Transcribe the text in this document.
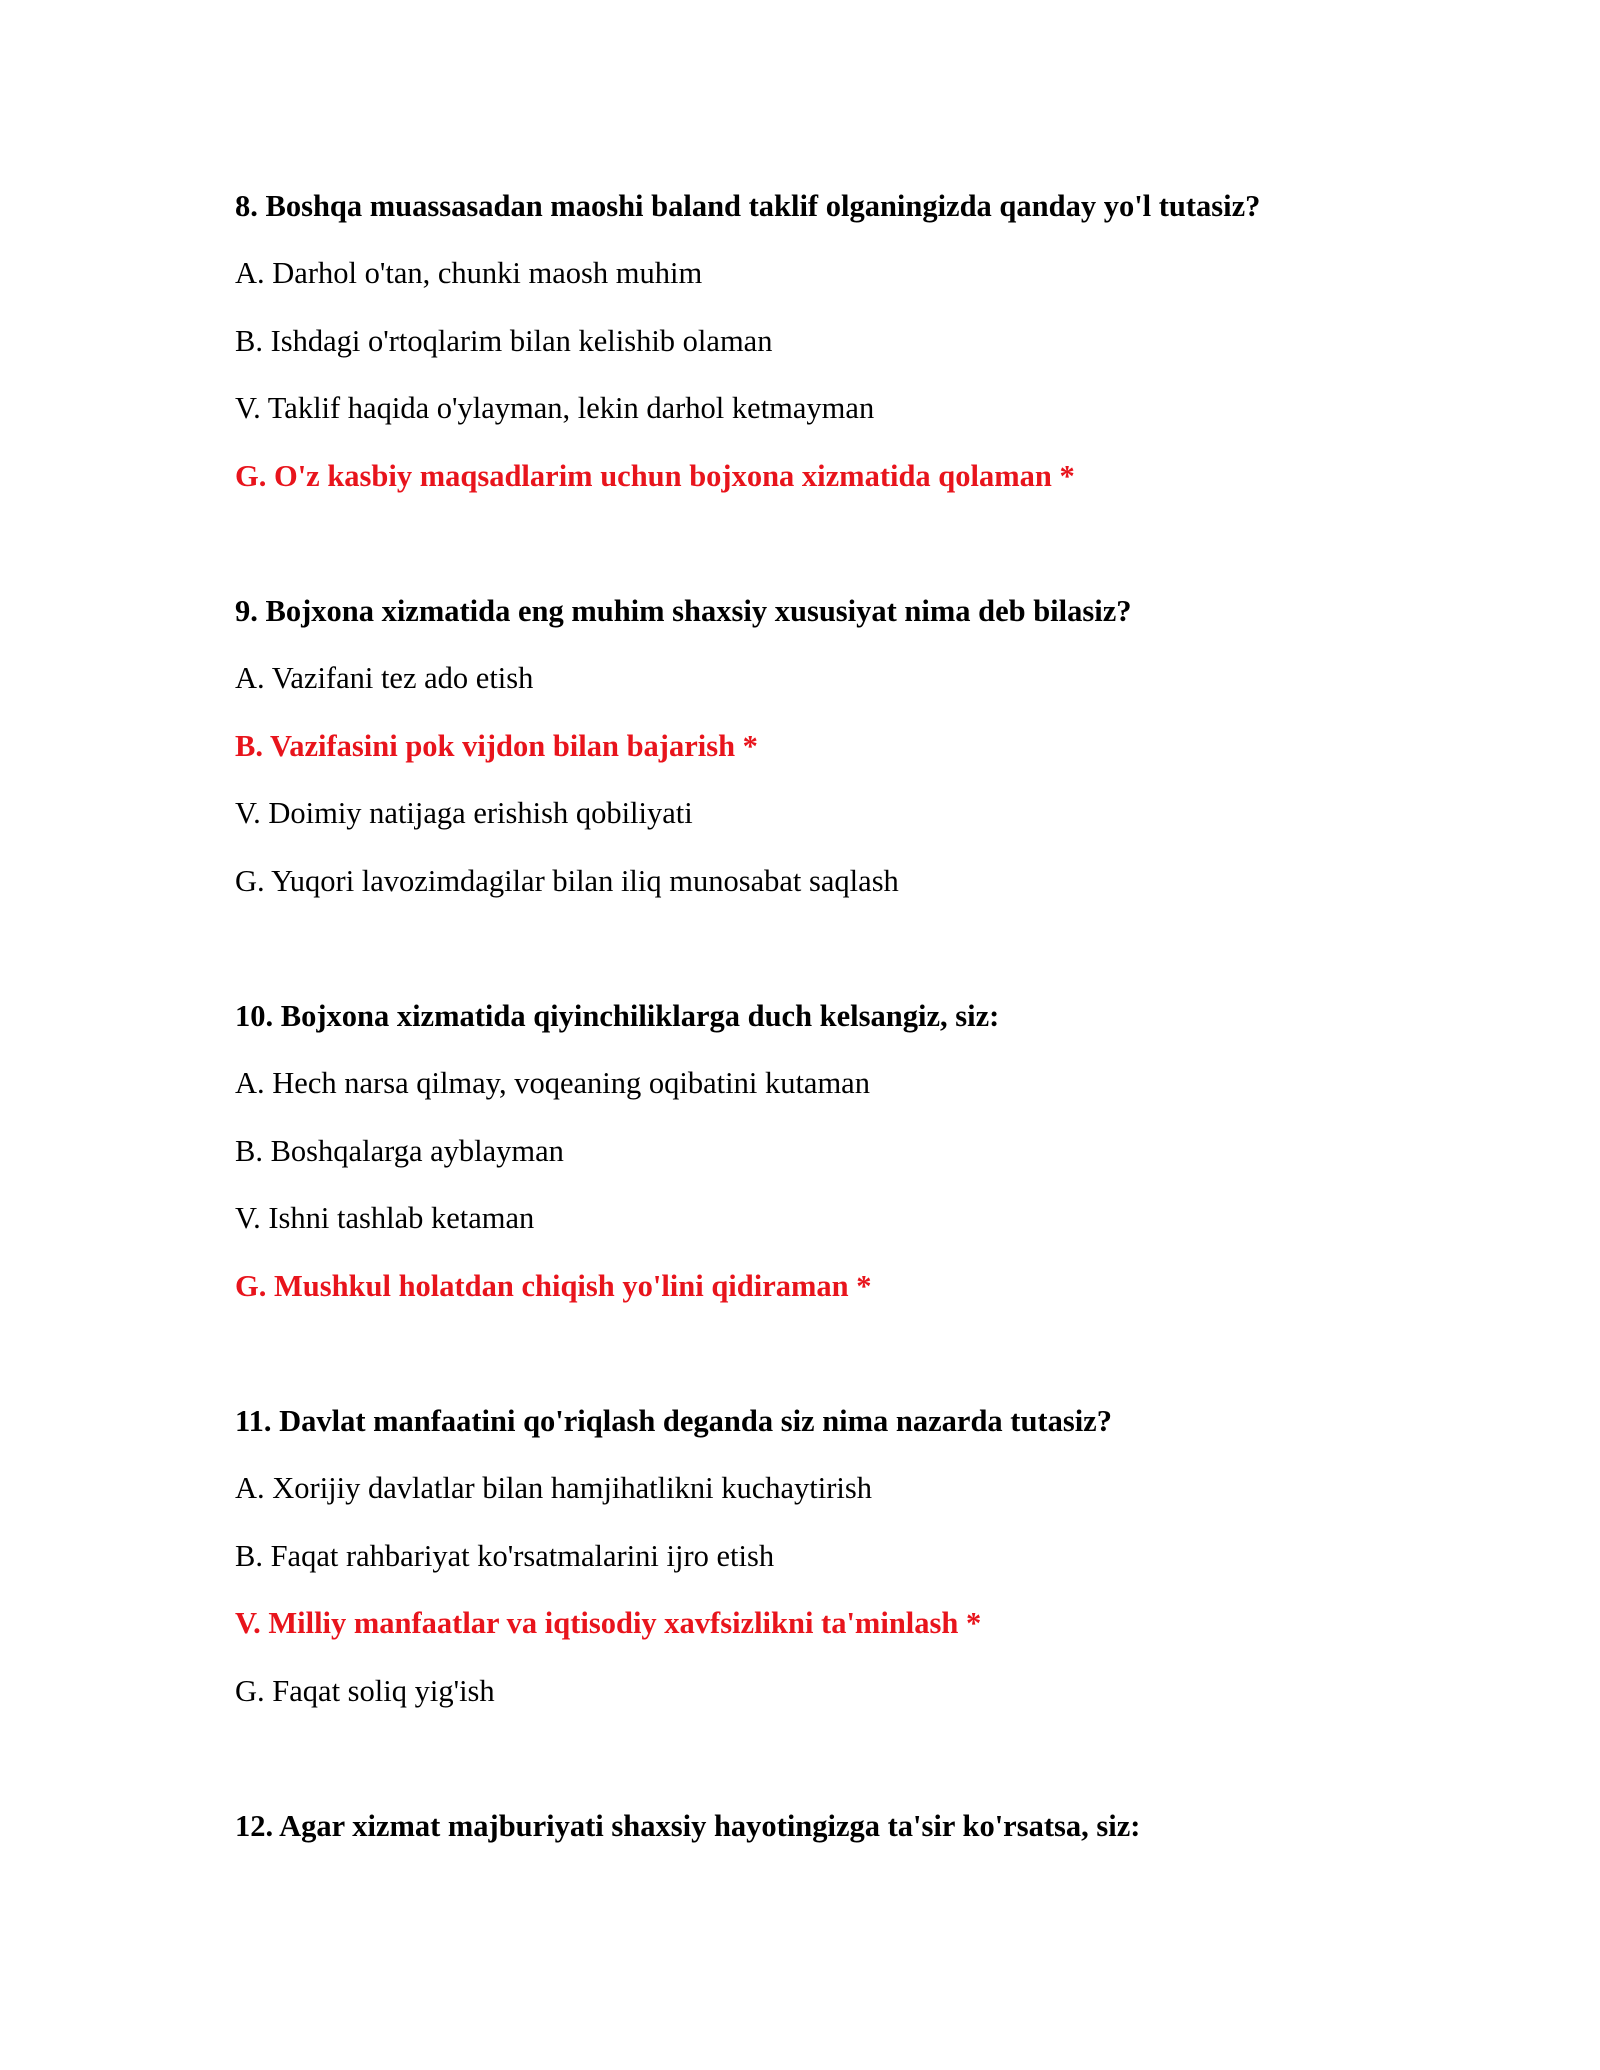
8. Boshqa muassasadan maoshi baland taklif olganingizda qanday yo'l tutasiz?
A. Darhol o'tan, chunki maosh muhim
B. Ishdagi o'rtoqlarim bilan kelishib olaman
V. Taklif haqida o'ylayman, lekin darhol ketmayman
G. O'z kasbiy maqsadlarim uchun bojxona xizmatida qolaman *
9. Bojxona xizmatida eng muhim shaxsiy xususiyat nima deb bilasiz?
A. Vazifani tez ado etish
B. Vazifasini pok vijdon bilan bajarish *
V. Doimiy natijaga erishish qobiliyati
G. Yuqori lavozimdagilar bilan iliq munosabat saqlash
10. Bojxona xizmatida qiyinchiliklarga duch kelsangiz, siz:
A. Hech narsa qilmay, voqeaning oqibatini kutaman
B. Boshqalarga ayblayman
V. Ishni tashlab ketaman
G. Mushkul holatdan chiqish yo'lini qidiraman *
11. Davlat manfaatini qo'riqlash deganda siz nima nazarda tutasiz?
A. Xorijiy davlatlar bilan hamjihatlikni kuchaytirish
B. Faqat rahbariyat ko'rsatmalarini ijro etish
V. Milliy manfaatlar va iqtisodiy xavfsizlikni ta'minlash *
G. Faqat soliq yig'ish
12. Agar xizmat majburiyati shaxsiy hayotingizga ta'sir ko'rsatsa, siz:
